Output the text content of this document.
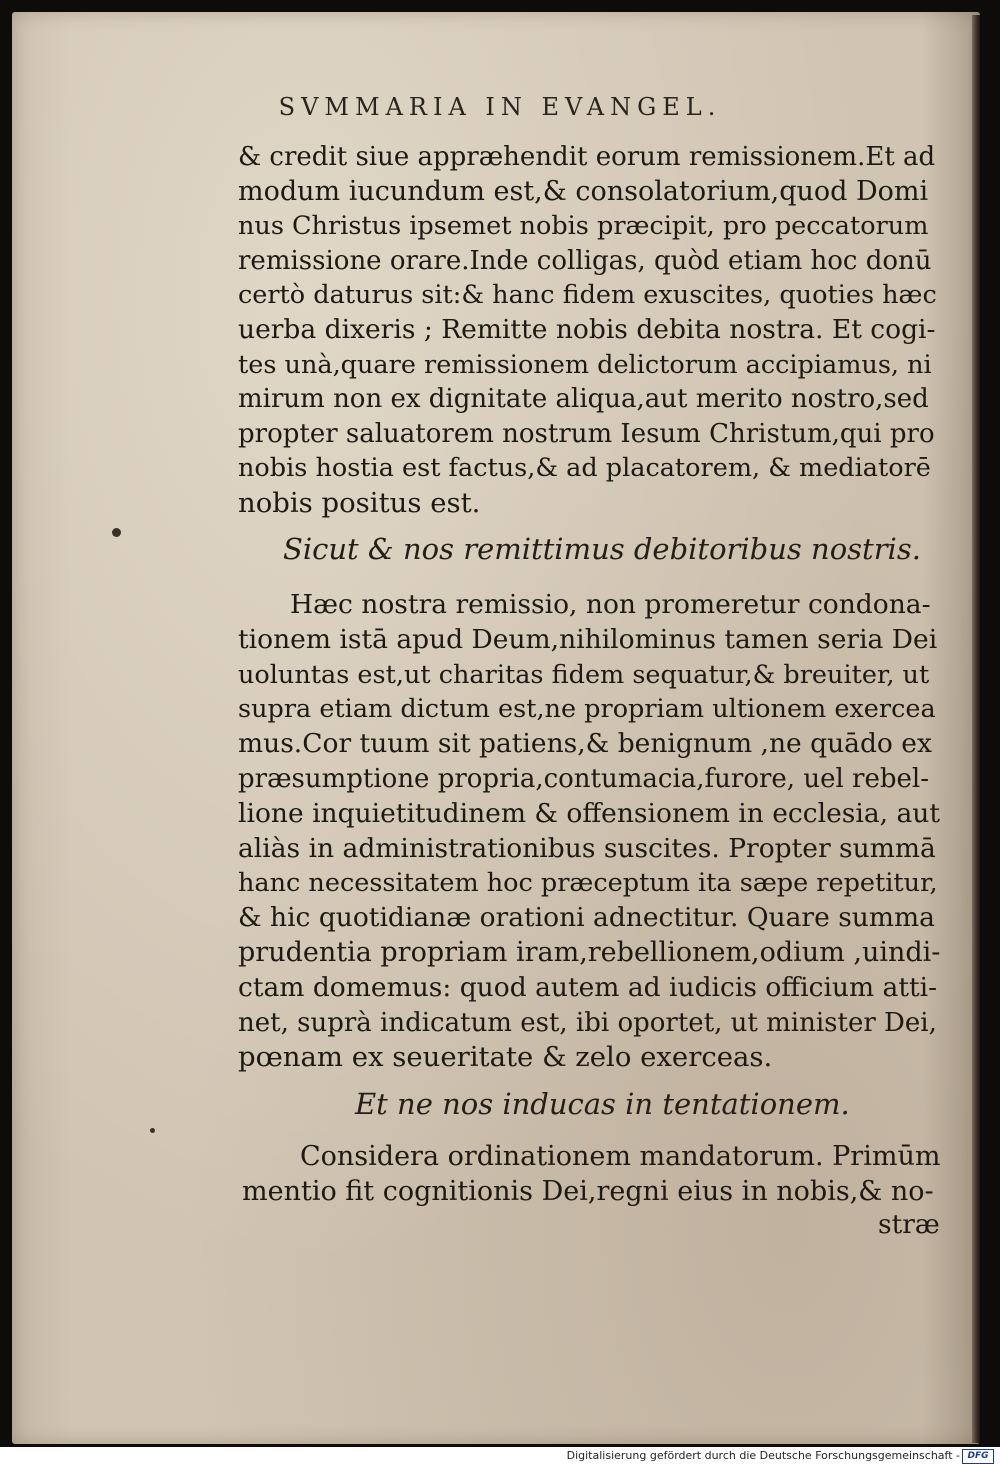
SVMMARIA IN EVANGEL.
& credit siue apprӕhendit eorum remissionem.Et ad
modum iucundum est,& consolatorium,quod Domi
nus Christus ipsemet nobis prӕcipit, pro peccatorum
remissione orare.Inde colligas, quòd etiam hoc donū
certò daturus sit:& hanc fidem exuscites, quoties hӕc
uerba dixeris ; Remitte nobis debita nostra. Et cogi-
tes unà,quare remissionem delictorum accipiamus, ni
mirum non ex dignitate aliqua,aut merito nostro,sed
propter saluatorem nostrum Iesum Christum,qui pro
nobis hostia est factus,& ad placatorem, & mediatorē
nobis positus est.
Sicut & nos remittimus debitoribus nostris.
Hӕc nostra remissio, non promeretur condona-
tionem istā apud Deum,nihilominus tamen seria Dei
uoluntas est,ut charitas fidem sequatur,& breuiter, ut
supra etiam dictum est,ne propriam ultionem exercea
mus.Cor tuum sit patiens,& benignum ,ne quādo ex
prӕsumptione propria,contumacia,furore, uel rebel-
lione inquietitudinem & offensionem in ecclesia, aut
aliàs in administrationibus suscites. Propter summā
hanc necessitatem hoc prӕceptum ita sӕpe repetitur,
& hic quotidianӕ orationi adnectitur. Quare summa
prudentia propriam iram,rebellionem,odium ,uindi-
ctam domemus: quod autem ad iudicis officium atti-
net, suprà indicatum est, ibi oportet, ut minister Dei,
pœnam ex seueritate & zelo exerceas.
Et ne nos inducas in tentationem.
Considera ordinationem mandatorum. Primūm
mentio fit cognitionis Dei,regni eius in nobis,& no-
strӕ
Digitalisierung gefördert durch die Deutsche Forschungsgemeinschaft - DFG
